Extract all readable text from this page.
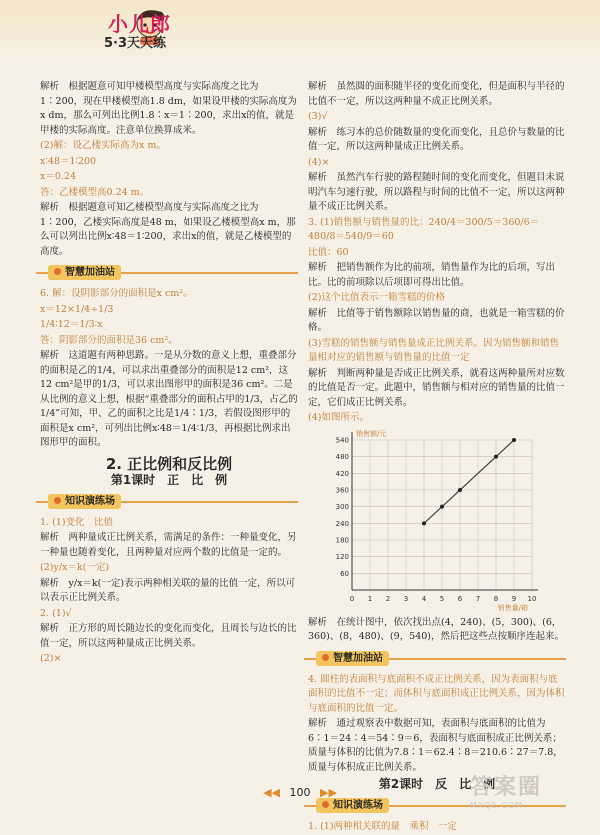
小儿郎
5·3天天练

解析　根据题意可知甲楼模型高度与实际高度之比为1∶200，现在甲楼模型高1.8 dm，如果设甲楼的实际高度为x dm，那么可列出比例1.8∶x＝1∶200，求出x的值，就是甲楼的实际高度。注意单位换算成米。

(2)解：设乙楼实际高为x m。

x∶48＝1∶200

x＝0.24

答：乙楼模型高0.24 m。

解析　根据题意可知乙楼模型高度与实际高度之比为1∶200，乙楼实际高度是48 m，如果设乙楼模型高x m，那么可以列出比例x∶48＝1∶200，求出x的值，就是乙楼模型的高度。

智慧加油站

6. 解：设阴影部分的面积是x cm²。

x＝12×1/4÷1/3

1/4∶12＝1/3∶x

答：阴影部分的面积是36 cm²。

解析　这道题有两种思路。一是从分数的意义上想，重叠部分的面积是乙的1/4，可以求出重叠部分的面积是12 cm²，这12 cm²是甲的1/3，可以求出图形甲的面积是36 cm²。二是从比例的意义上想，根据“重叠部分的面积占甲的1/3，占乙的1/4”可知，甲、乙的面积之比是1/4∶1/3，若假设图形甲的面积是x cm²，可列出比例x∶48＝1/4∶1/3，再根据比例求出图形甲的面积。

2. 正比例和反比例
第1课时　正　比　例
知识演练场

1. (1)变化　比值

解析　两种量成正比例关系，需满足的条件：一种量变化，另一种量也随着变化，且两种量对应两个数的比值是一定的。

(2)y/x＝k(一定)

解析　y/x＝k(一定)表示两种相关联的量的比值一定，所以可以表示正比例关系。

2. (1)√

解析　正方形的周长随边长的变化而变化，且周长与边长的比值一定，所以这两种量成正比例关系。

(2)×

解析　虽然圆的面积随半径的变化而变化，但是面积与半径的比值不一定，所以这两种量不成正比例关系。

(3)√

解析　练习本的总价随数量的变化而变化，且总价与数量的比值一定，所以这两种量成正比例关系。

(4)×

解析　虽然汽车行驶的路程随时间的变化而变化，但题目未说明汽车匀速行驶，所以路程与时间的比值不一定，所以这两种量不成正比例关系。

3. (1)销售额与销售量的比：240/4＝300/5＝360/6＝480/8＝540/9＝60

比值：60

解析　把销售额作为比的前项，销售量作为比的后项，写出比。比的前项除以后项即可得出比值。

(2)这个比值表示一箱雪糕的价格

解析　比值等于销售额除以销售量的商，也就是一箱雪糕的价格。

(3)雪糕的销售额与销售量成正比例关系。因为销售额和销售量相对应的销售额与销售量的比值一定

解析　判断两种量是否成正比例关系，就看这两种量所对应数的比值是否一定。此题中，销售额与相对应的销售量的比值一定，它们成正比例关系。

(4)如图所示。

0 1 2 3 4 5 6 7 8 9 10
60
120
180
240
300
360
420
480
540
销售额/元
销售量/箱

解析　在统计图中，依次找出点(4，240)、(5，300)、(6，360)、(8，480)、(9，540)，然后把这些点按顺序连起来。

智慧加油站

4. 圆柱的表面积与底面积不成正比例关系，因为表面积与底面积的比值不一定；而体积与底面积成正比例关系，因为体积与底面积的比值一定。

解析　通过观察表中数据可知，表面积与底面积的比值为6∶1＝24∶4＝54∶9＝6，表面积与底面积成正比例关系；质量与体积的比值为7.8∶1＝62.4∶8＝210.6∶27＝7.8，质量与体积成正比例关系。

第2课时　反　比　例
知识演练场

1. (1)两种相关联的量　乘积　一定

◀◀ 100 ▶▶	答案圈
MXQE.COM
